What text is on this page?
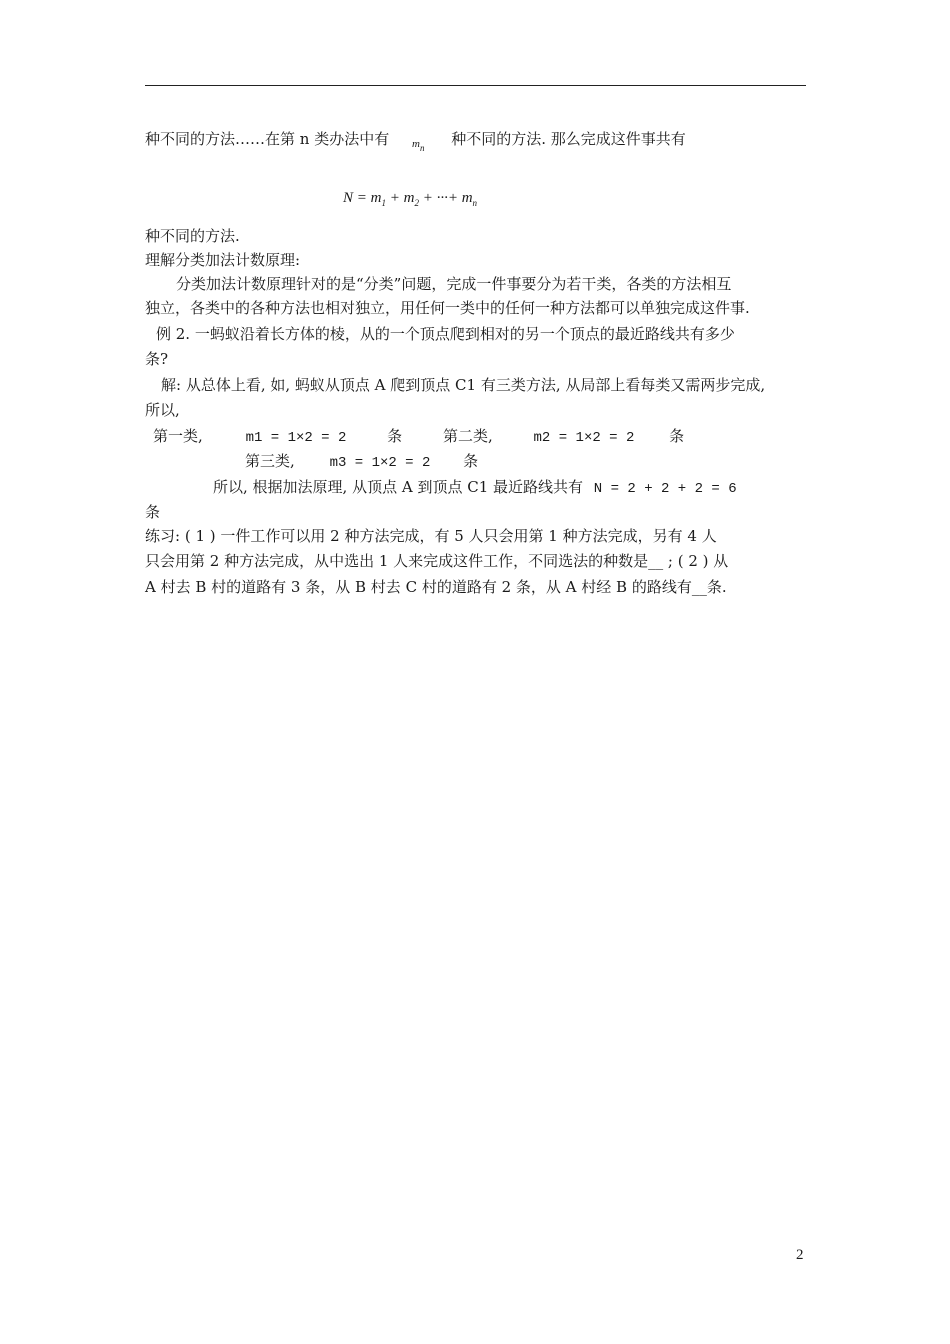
种不同的方法……在第 n 类办法中有	种不同的方法. 那么完成这件事共有
$m_n$
$N = m_1 + m_2$ + ···+ $m_n$
种不同的方法.
理解分类加法计数原理:
分类加法计数原理针对的是“分类”问题，完成一件事要分为若干类，各类的方法相互
独立，各类中的各种方法也相对独立，用任何一类中的任何一种方法都可以单独完成这件事.
例 2. 一蚂蚁沿着长方体的棱，从的一个顶点爬到相对的另一个顶点的最近路线共有多少
条?
解: 从总体上看, 如, 蚂蚁从顶点 A 爬到顶点 C1 有三类方法, 从局部上看每类又需两步完成,
所以,
第一类,	m1 = 1×2 = 2	条	第二类,	m2 = 1×2 = 2 条
第三类, m3 = 1×2 = 2 条
所以, 根据加法原理, 从顶点 A 到顶点 C1 最近路线共有 N = 2 + 2 + 2 = 6
条
练习: ( 1 ) 一件工作可以用 2 种方法完成，有 5 人只会用第 1 种方法完成，另有 4 人
只会用第 2 种方法完成，从中选出 1 人来完成这件工作，不同选法的种数是__ ; ( 2 ) 从
A 村去 B 村的道路有 3 条，从 B 村去 C 村的道路有 2 条，从 A 村经 B 的路线有__条.
2
